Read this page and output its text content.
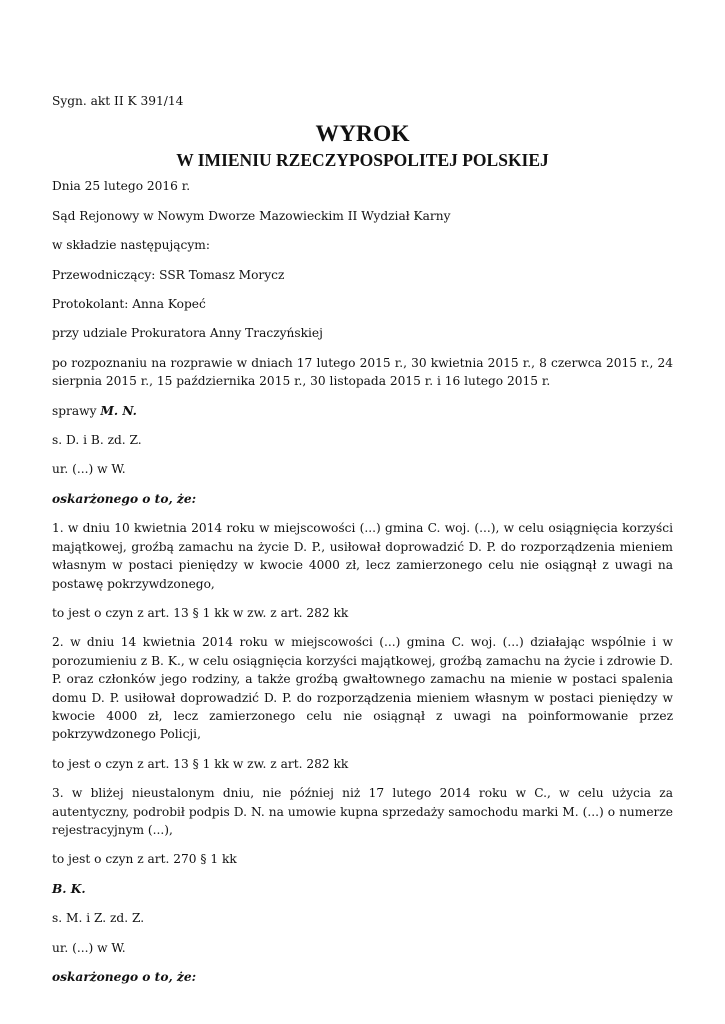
Sygn. akt II K 391/14

WYROK
W IMIENIU RZECZYPOSPOLITEJ POLSKIEJ

Dnia 25 lutego 2016 r.

Sąd Rejonowy w Nowym Dworze Mazowieckim II Wydział Karny

w składzie następującym:

Przewodniczący: SSR Tomasz Morycz

Protokolant: Anna Kopeć

przy udziale Prokuratora Anny Traczyńskiej

po rozpoznaniu na rozprawie w dniach 17 lutego 2015 r., 30 kwietnia 2015 r., 8 czerwca 2015 r., 24 sierpnia 2015 r., 15 października 2015 r., 30 listopada 2015 r. i 16 lutego 2015 r.

sprawy M. N.

s. D. i B. zd. Z.

ur. (...) w W.

oskarżonego o to, że:

1. w dniu 10 kwietnia 2014 roku w miejscowości (...) gmina C. woj. (...), w celu osiągnięcia korzyści majątkowej, groźbą zamachu na życie D. P., usiłował doprowadzić D. P. do rozporządzenia mieniem własnym w postaci pieniędzy w kwocie 4000 zł, lecz zamierzonego celu nie osiągnął z uwagi na postawę pokrzywdzonego,

to jest o czyn z art. 13 § 1 kk w zw. z art. 282 kk

2. w dniu 14 kwietnia 2014 roku w miejscowości (...) gmina C. woj. (...) działając wspólnie i w porozumieniu z B. K., w celu osiągnięcia korzyści majątkowej, groźbą zamachu na życie i zdrowie D. P. oraz członków jego rodziny, a także groźbą gwałtownego zamachu na mienie w postaci spalenia domu D. P. usiłował doprowadzić D. P. do rozporządzenia mieniem własnym w postaci pieniędzy w kwocie 4000 zł, lecz zamierzonego celu nie osiągnął z uwagi na poinformowanie przez pokrzywdzonego Policji,

to jest o czyn z art. 13 § 1 kk w zw. z art. 282 kk

3. w bliżej nieustalonym dniu, nie później niż 17 lutego 2014 roku w C., w celu użycia za autentyczny, podrobił podpis D. N. na umowie kupna sprzedaży samochodu marki M. (...) o numerze rejestracyjnym (...),

to jest o czyn z art. 270 § 1 kk

B. K.

s. M. i Z. zd. Z.

ur. (...) w W.

oskarżonego o to, że:
